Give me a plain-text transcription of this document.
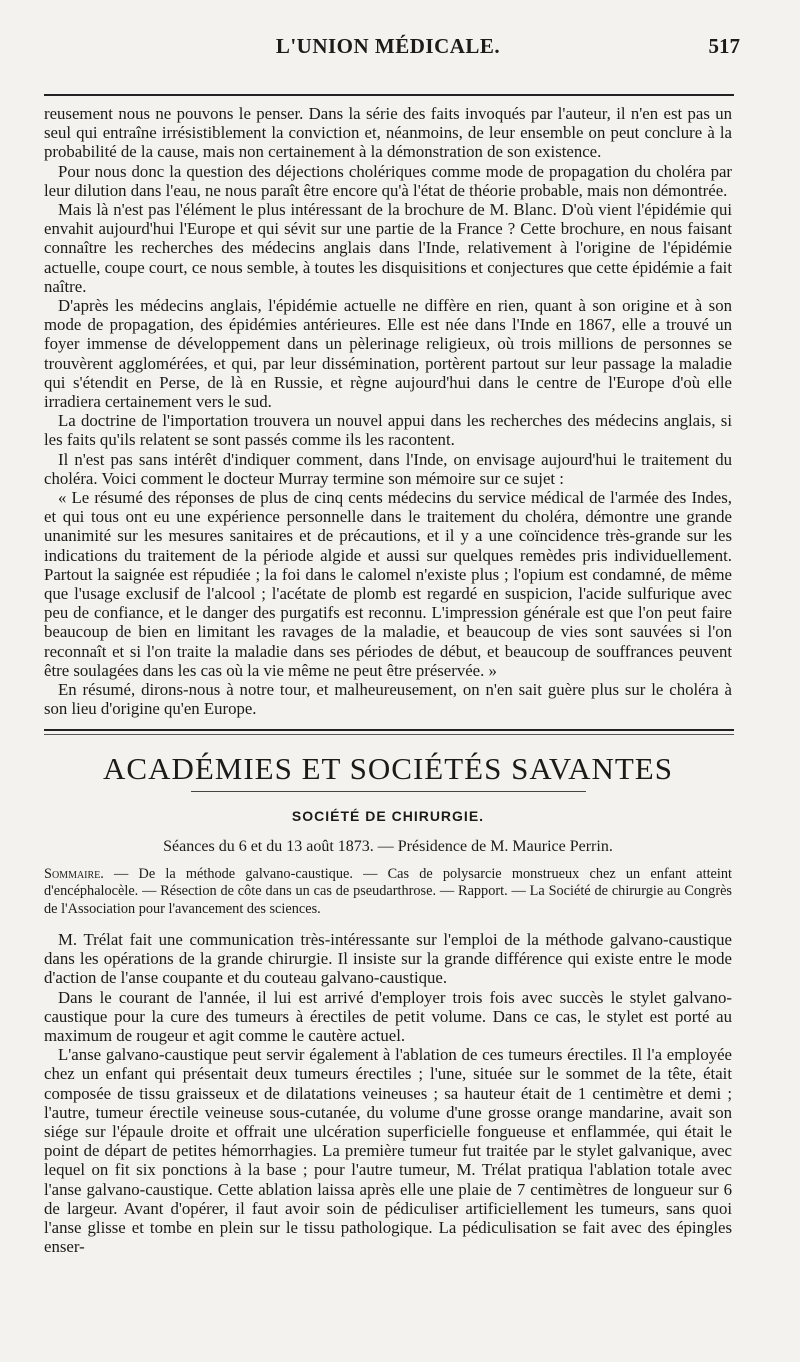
L'UNION MÉDICALE.	517

reusement nous ne pouvons le penser. Dans la série des faits invoqués par l'auteur, il n'en est pas un seul qui entraîne irrésistiblement la conviction et, néanmoins, de leur ensemble on peut conclure à la probabilité de la cause, mais non certainement à la démonstration de son existence.

Pour nous donc la question des déjections cholériques comme mode de propagation du choléra par leur dilution dans l'eau, ne nous paraît être encore qu'à l'état de théorie probable, mais non démontrée.

Mais là n'est pas l'élément le plus intéressant de la brochure de M. Blanc. D'où vient l'épidémie qui envahit aujourd'hui l'Europe et qui sévit sur une partie de la France ? Cette brochure, en nous faisant connaître les recherches des médecins anglais dans l'Inde, relativement à l'origine de l'épidémie actuelle, coupe court, ce nous semble, à toutes les disquisitions et conjectures que cette épidémie a fait naître.

D'après les médecins anglais, l'épidémie actuelle ne diffère en rien, quant à son origine et à son mode de propagation, des épidémies antérieures. Elle est née dans l'Inde en 1867, elle a trouvé un foyer immense de développement dans un pèlerinage religieux, où trois millions de personnes se trouvèrent agglomérées, et qui, par leur dissémination, portèrent partout sur leur passage la maladie qui s'étendit en Perse, de là en Russie, et règne aujourd'hui dans le centre de l'Europe d'où elle irradiera certainement vers le sud.

La doctrine de l'importation trouvera un nouvel appui dans les recherches des médecins anglais, si les faits qu'ils relatent se sont passés comme ils les racontent.

Il n'est pas sans intérêt d'indiquer comment, dans l'Inde, on envisage aujourd'hui le traitement du choléra. Voici comment le docteur Murray termine son mémoire sur ce sujet :

« Le résumé des réponses de plus de cinq cents médecins du service médical de l'armée des Indes, et qui tous ont eu une expérience personnelle dans le traitement du choléra, démontre une grande unanimité sur les mesures sanitaires et de précautions, et il y a une coïncidence très-grande sur les indications du traitement de la période algide et aussi sur quelques remèdes pris individuellement. Partout la saignée est répudiée ; la foi dans le calomel n'existe plus ; l'opium est condamné, de même que l'usage exclusif de l'alcool ; l'acétate de plomb est regardé en suspicion, l'acide sulfurique avec peu de confiance, et le danger des purgatifs est reconnu. L'impression générale est que l'on peut faire beaucoup de bien en limitant les ravages de la maladie, et beaucoup de vies sont sauvées si l'on reconnaît et si l'on traite la maladie dans ses périodes de début, et beaucoup de souffrances peuvent être soulagées dans les cas où la vie même ne peut être préservée. »

En résumé, dirons-nous à notre tour, et malheureusement, on n'en sait guère plus sur le choléra à son lieu d'origine qu'en Europe.

ACADÉMIES ET SOCIÉTÉS SAVANTES
SOCIÉTÉ DE CHIRURGIE.
Séances du 6 et du 13 août 1873. — Présidence de M. Maurice Perrin.
Sommaire. — De la méthode galvano-caustique. — Cas de polysarcie monstrueux chez un enfant atteint d'encéphalocèle. — Résection de côte dans un cas de pseudarthrose. — Rapport. — La Société de chirurgie au Congrès de l'Association pour l'avancement des sciences.

M. Trélat fait une communication très-intéressante sur l'emploi de la méthode galvano-caustique dans les opérations de la grande chirurgie. Il insiste sur la grande différence qui existe entre le mode d'action de l'anse coupante et du couteau galvano-caustique.

Dans le courant de l'année, il lui est arrivé d'employer trois fois avec succès le stylet galvano-caustique pour la cure des tumeurs à érectiles de petit volume. Dans ce cas, le stylet est porté au maximum de rougeur et agit comme le cautère actuel.

L'anse galvano-caustique peut servir également à l'ablation de ces tumeurs érectiles. Il l'a employée chez un enfant qui présentait deux tumeurs érectiles ; l'une, située sur le sommet de la tête, était composée de tissu graisseux et de dilatations veineuses ; sa hauteur était de 1 centimètre et demi ; l'autre, tumeur érectile veineuse sous-cutanée, du volume d'une grosse orange mandarine, avait son siége sur l'épaule droite et offrait une ulcération superficielle fongueuse et enflammée, qui était le point de départ de petites hémorrhagies. La première tumeur fut traitée par le stylet galvanique, avec lequel on fit six ponctions à la base ; pour l'autre tumeur, M. Trélat pratiqua l'ablation totale avec l'anse galvano-caustique. Cette ablation laissa après elle une plaie de 7 centimètres de longueur sur 6 de largeur. Avant d'opérer, il faut avoir soin de pédiculiser artificiellement les tumeurs, sans quoi l'anse glisse et tombe en plein sur le tissu pathologique. La pédiculisation se fait avec des épingles enser-
